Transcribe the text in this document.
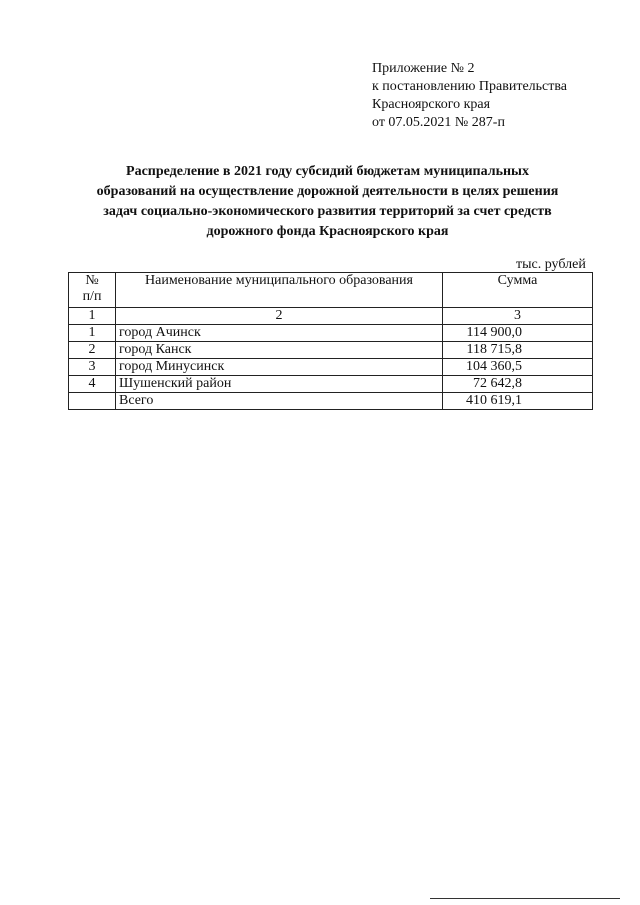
Приложение № 2
к постановлению Правительства
Красноярского края
от 07.05.2021 № 287-п
Распределение в 2021 году субсидий бюджетам муниципальных
образований на осуществление дорожной деятельности в целях решения
задач социально-экономического развития территорий за счет средств
дорожного фонда Красноярского края
тыс. рублей
№
п/п	Наименование муниципального образования	Сумма
1	2	3
1	город Ачинск	114 900,0
2	город Канск	118 715,8
3	город Минусинск	104 360,5
4	Шушенский район	72 642,8
	Всего	410 619,1
